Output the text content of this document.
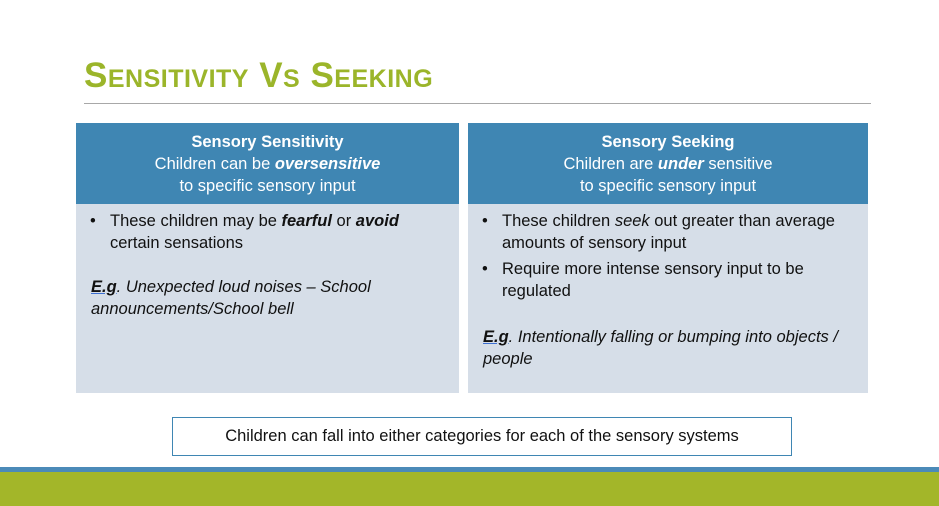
Sensitivity Vs Seeking
Sensory Sensitivity
Children can be oversensitive
to specific sensory input
• These children may be fearful or avoid certain sensations
E.g. Unexpected loud noises – School announcements/School bell
Sensory Seeking
Children are under sensitive
to specific sensory input
• These children seek out greater than average amounts of sensory input
• Require more intense sensory input to be regulated
E.g. Intentionally falling or bumping into objects / people
Children can fall into either categories for each of the sensory systems
